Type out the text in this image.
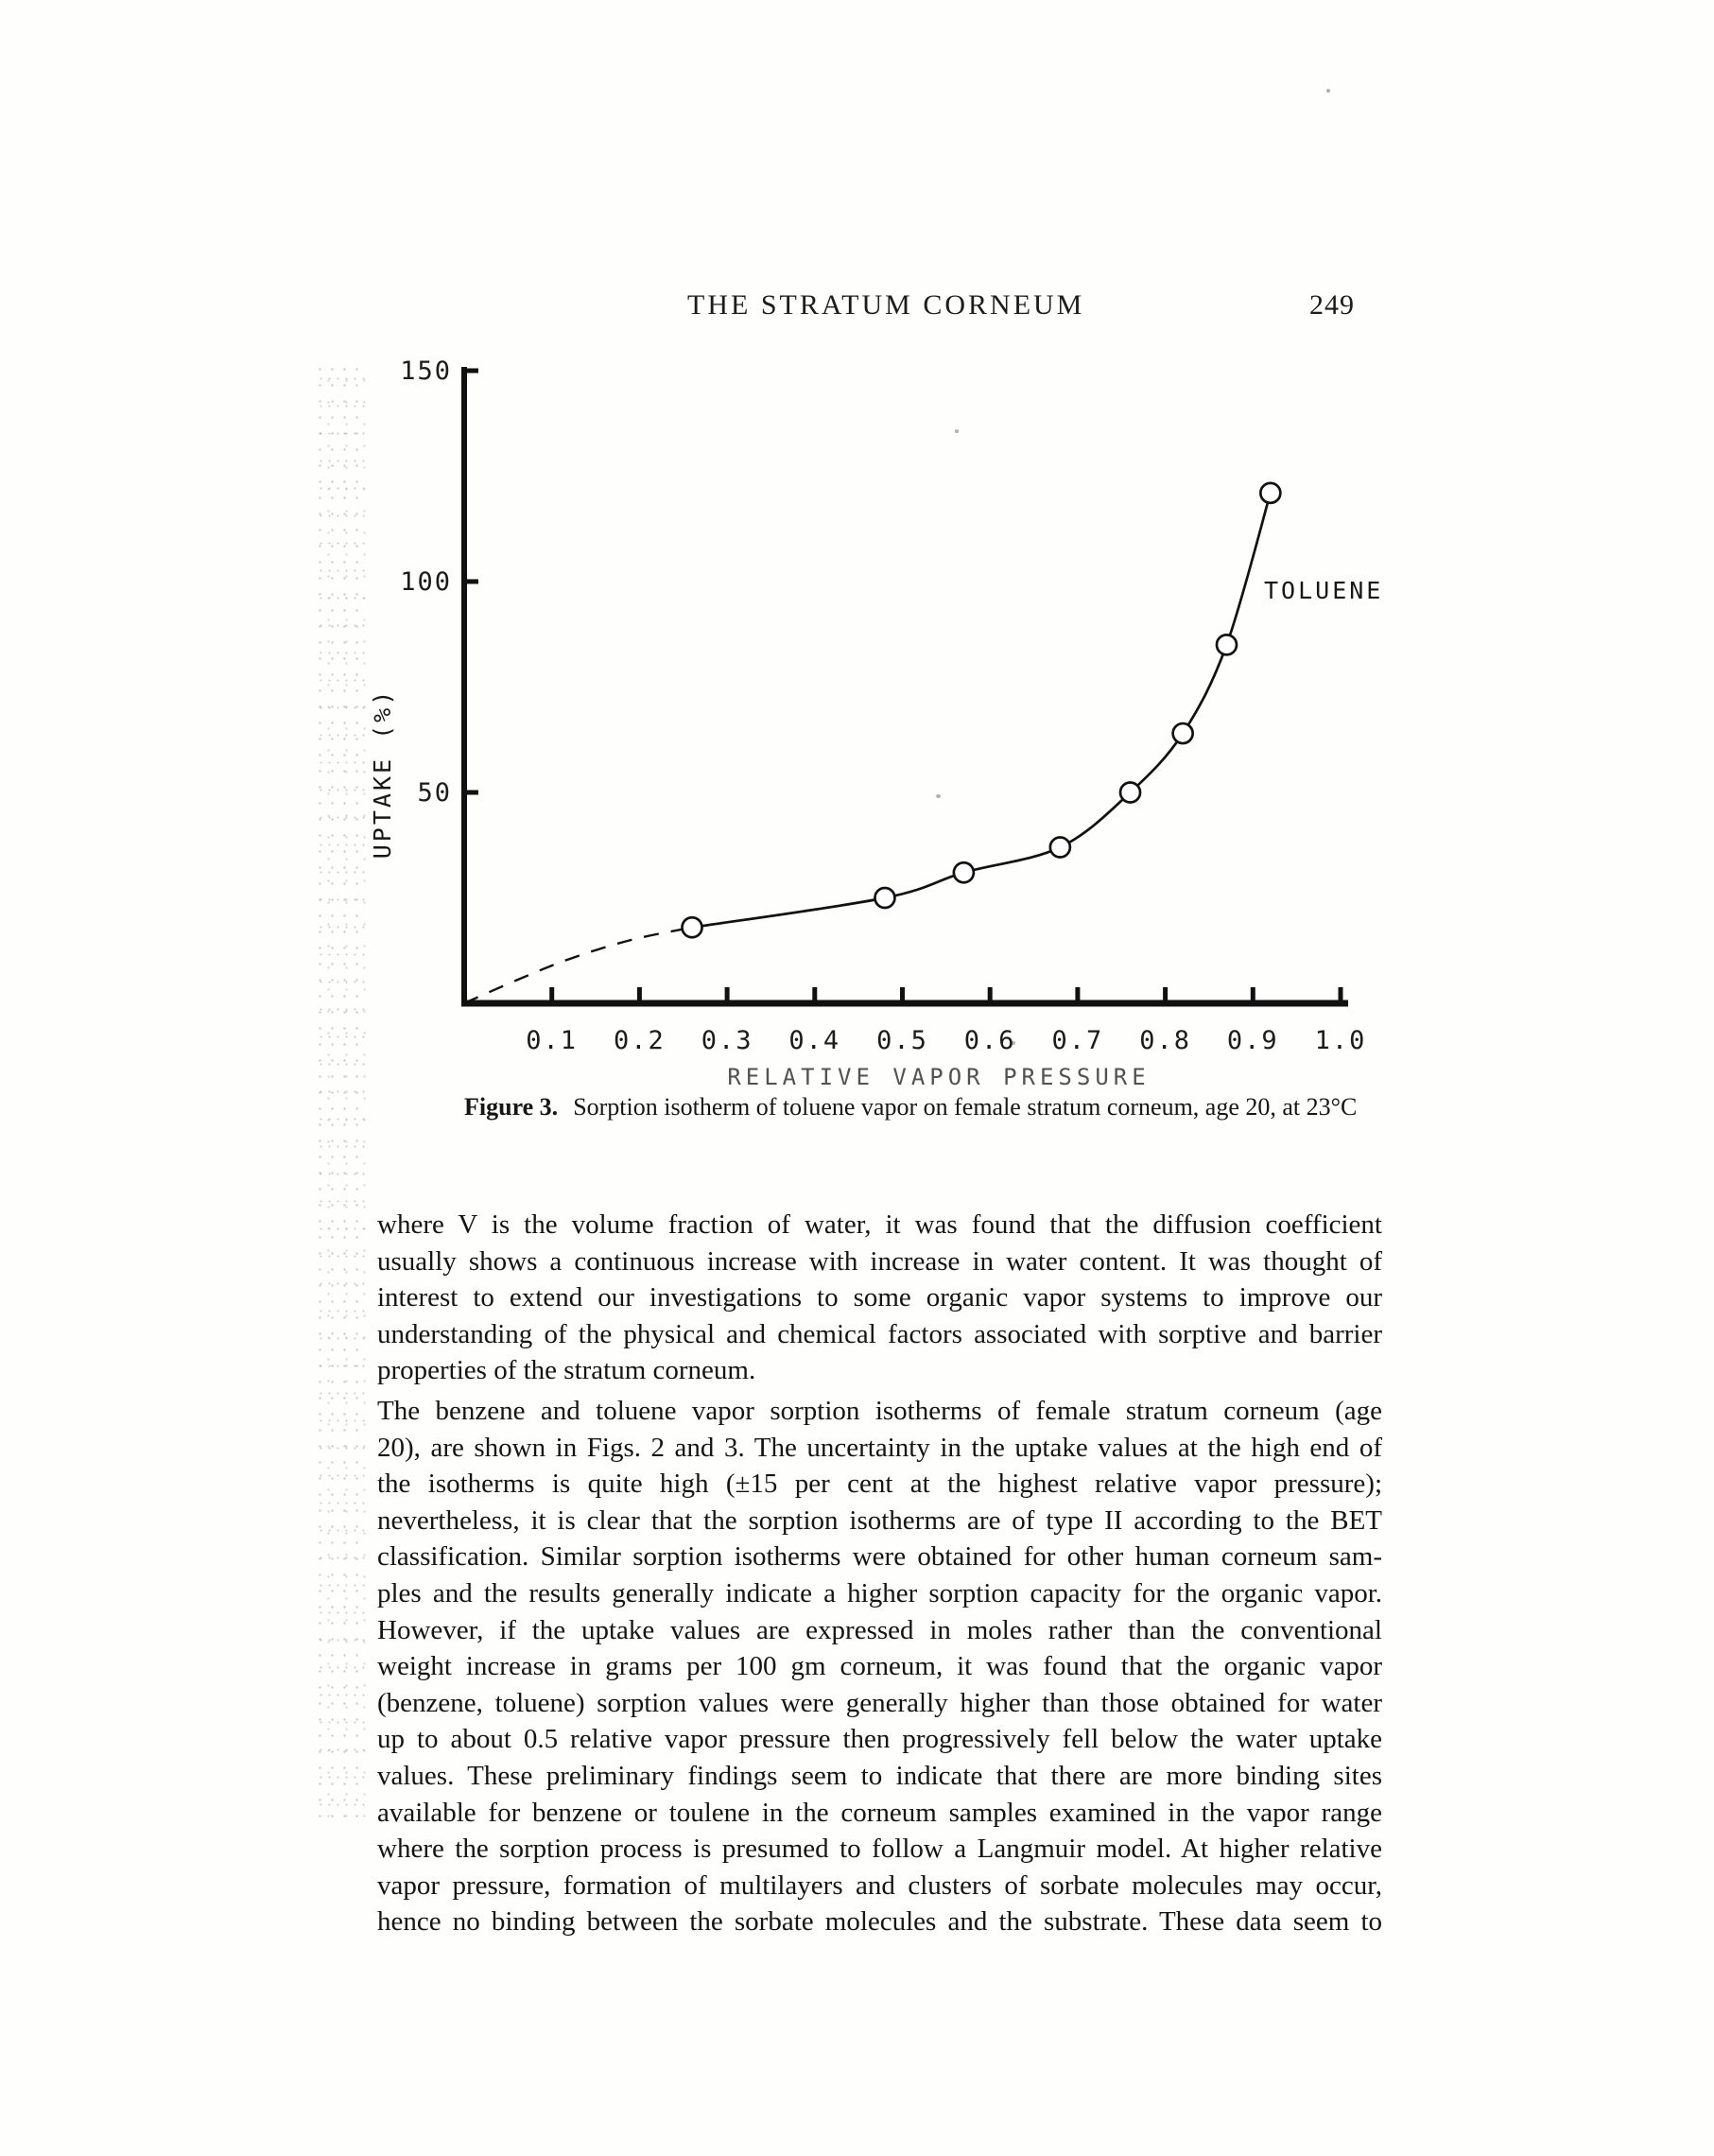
THE STRATUM CORNEUM	249
50
100
150
0.1 0.2 0.3 0.4 0.5 0.6 0.7 0.8 0.9 1.0
TOLUENE
UPTAKE (%)
RELATIVE VAPOR PRESSURE
Figure 3. Sorption isotherm of toluene vapor on female stratum corneum, age 20, at 23°C
where V is the volume fraction of water, it was found that the diffusion coefficient
usually shows a continuous increase with increase in water content. It was thought of
interest to extend our investigations to some organic vapor systems to improve our
understanding of the physical and chemical factors associated with sorptive and barrier
properties of the stratum corneum.
The benzene and toluene vapor sorption isotherms of female stratum corneum (age
20), are shown in Figs. 2 and 3. The uncertainty in the uptake values at the high end of
the isotherms is quite high (±15 per cent at the highest relative vapor pressure);
nevertheless, it is clear that the sorption isotherms are of type II according to the BET
classification. Similar sorption isotherms were obtained for other human corneum sam-
ples and the results generally indicate a higher sorption capacity for the organic vapor.
However, if the uptake values are expressed in moles rather than the conventional
weight increase in grams per 100 gm corneum, it was found that the organic vapor
(benzene, toluene) sorption values were generally higher than those obtained for water
up to about 0.5 relative vapor pressure then progressively fell below the water uptake
values. These preliminary findings seem to indicate that there are more binding sites
available for benzene or toulene in the corneum samples examined in the vapor range
where the sorption process is presumed to follow a Langmuir model. At higher relative
vapor pressure, formation of multilayers and clusters of sorbate molecules may occur,
hence no binding between the sorbate molecules and the substrate. These data seem to
